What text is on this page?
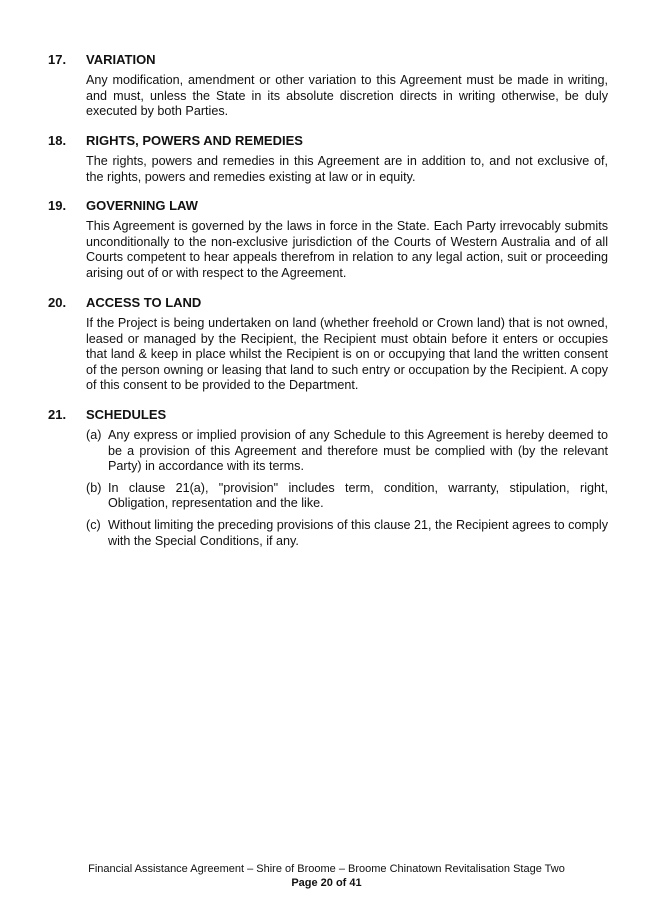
17.	VARIATION
Any modification, amendment or other variation to this Agreement must be made in writing, and must, unless the State in its absolute discretion directs in writing otherwise, be duly executed by both Parties.
18.	RIGHTS, POWERS AND REMEDIES
The rights, powers and remedies in this Agreement are in addition to, and not exclusive of, the rights, powers and remedies existing at law or in equity.
19.	GOVERNING LAW
This Agreement is governed by the laws in force in the State. Each Party irrevocably submits unconditionally to the non-exclusive jurisdiction of the Courts of Western Australia and of all Courts competent to hear appeals therefrom in relation to any legal action, suit or proceeding arising out of or with respect to the Agreement.
20.	ACCESS TO LAND
If the Project is being undertaken on land (whether freehold or Crown land) that is not owned, leased or managed by the Recipient, the Recipient must obtain before it enters or occupies that land & keep in place whilst the Recipient is on or occupying that land the written consent of the person owning or leasing that land to such entry or occupation by the Recipient. A copy of this consent to be provided to the Department.
21.	SCHEDULES
(a) Any express or implied provision of any Schedule to this Agreement is hereby deemed to be a provision of this Agreement and therefore must be complied with (by the relevant Party) in accordance with its terms.
(b) In clause 21(a), "provision" includes term, condition, warranty, stipulation, right, Obligation, representation and the like.
(c) Without limiting the preceding provisions of this clause 21, the Recipient agrees to comply with the Special Conditions, if any.
Financial Assistance Agreement – Shire of Broome – Broome Chinatown Revitalisation Stage Two
Page 20 of 41
